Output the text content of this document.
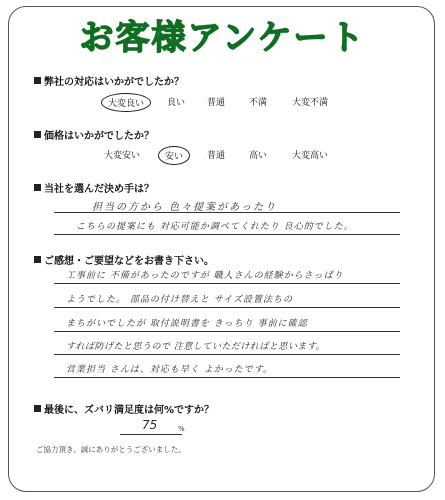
お客様アンケート
弊社の対応はいかがでしたか？
大変良い	良い	普通	不満	大変不満
価格はいかがでしたか？
大変安い	安い	普通	高い	大変高い
当社を選んだ決め手は？
担当の方から 色々提案があったり
こちらの提案にも 対応可能か調べてくれたり 良心的でした。
ご感想・ご要望などをお書き下さい。
工事前に 不備があったのですが 職人さんの経験からさっぱり
ようでした。 部品の付け替えと サイズ設置法ちの
まちがいでしたが 取付説明書を きっちり 事前に確認
すれば防げたと思うので 注意していただければと思います。
営業担当 さんは、対応も早く よかったです。
最後に、ズバリ満足度は何%ですか？
75	%
ご協力頂き、誠にありがとうございました。
